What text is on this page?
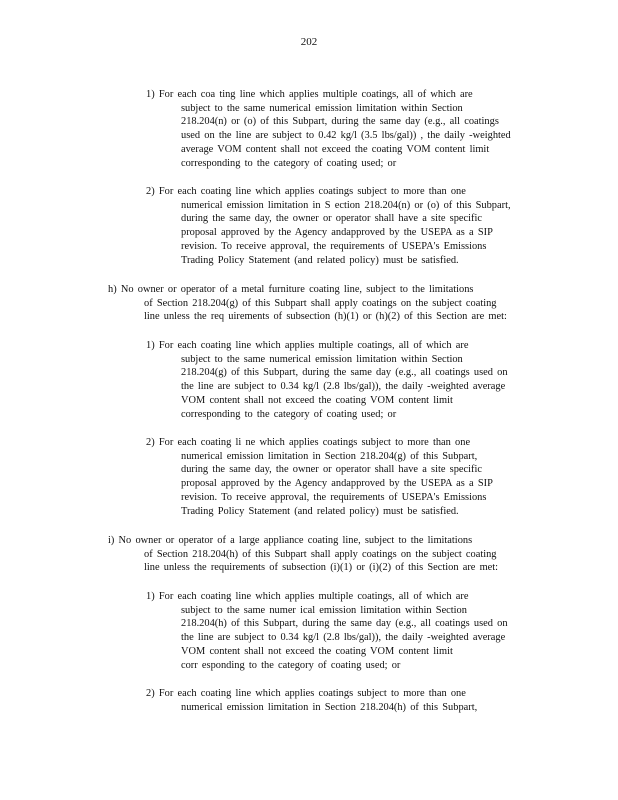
202
1) For each coa ting line which applies multiple coatings, all of which are
subject to the same numerical emission limitation within Section
218.204(n) or (o) of this Subpart, during the same day (e.g., all coatings
used on the line are subject to 0.42 kg/l (3.5 lbs/gal)) , the daily -weighted
average VOM content shall not exceed the coating VOM content limit
corresponding to the category of coating used; or
2) For each coating line which applies coatings subject to more than one
numerical emission limitation in S ection 218.204(n) or (o) of this Subpart,
during the same day, the owner or operator shall have a site specific
proposal approved by the Agency andapproved by the USEPA as a SIP
revision. To receive approval, the requirements of USEPA's Emissions
Trading Policy Statement (and related policy) must be satisfied.
h) No owner or operator of a metal furniture coating line, subject to the limitations
of Section 218.204(g) of this Subpart shall apply coatings on the subject coating
line unless the req uirements of subsection (h)(1) or (h)(2) of this Section are met:
1) For each coating line which applies multiple coatings, all of which are
subject to the same numerical emission limitation within Section
218.204(g) of this Subpart, during the same day (e.g., all coatings used on
the line are subject to 0.34 kg/l (2.8 lbs/gal)), the daily -weighted average
VOM content shall not exceed the coating VOM content limit
corresponding to the category of coating used; or
2) For each coating li ne which applies coatings subject to more than one
numerical emission limitation in Section 218.204(g) of this Subpart,
during the same day, the owner or operator shall have a site specific
proposal approved by the Agency andapproved by the USEPA as a SIP
revision. To receive approval, the requirements of USEPA's Emissions
Trading Policy Statement (and related policy) must be satisfied.
i) No owner or operator of a large appliance coating line, subject to the limitations
of Section 218.204(h) of this Subpart shall apply coatings on the subject coating
line unless the requirements of subsection (i)(1) or (i)(2) of this Section are met:
1) For each coating line which applies multiple coatings, all of which are
subject to the same numer ical emission limitation within Section
218.204(h) of this Subpart, during the same day (e.g., all coatings used on
the line are subject to 0.34 kg/l (2.8 lbs/gal)), the daily -weighted average
VOM content shall not exceed the coating VOM content limit
corr esponding to the category of coating used; or
2) For each coating line which applies coatings subject to more than one
numerical emission limitation in Section 218.204(h) of this Subpart,
